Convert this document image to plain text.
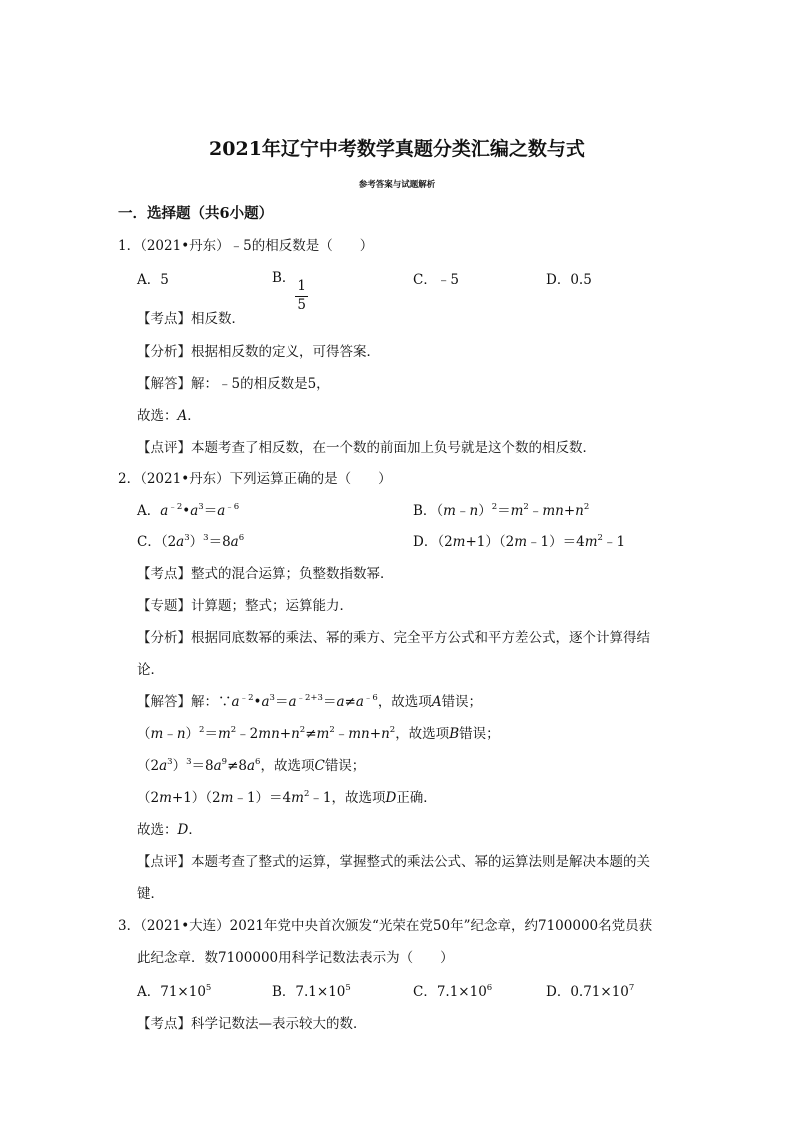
2021年辽宁中考数学真题分类汇编之数与式
参考答案与试题解析
一．选择题（共6小题）
1．（2021•丹东）﹣5的相反数是（　　）
A．5	B．
$\frac{1}{5}$	C．﹣5	D．0.5
【考点】相反数．
【分析】根据相反数的定义，可得答案．
【解答】解：﹣5的相反数是5，
故选：A．
【点评】本题考查了相反数，在一个数的前面加上负号就是这个数的相反数．
2．（2021•丹东）下列运算正确的是（　　）
A．$a^{﹣2}•a^3=a^{﹣6}$	B．$(m﹣n)^2=m^2﹣mn+n^2$
C．$(2a^3)^3=8a^6$	D．$(2m+1)(2m﹣1)=4m^2﹣1$
【考点】整式的混合运算；负整数指数幂．
【专题】计算题；整式；运算能力．
【分析】根据同底数幂的乘法、幂的乘方、完全平方公式和平方差公式，逐个计算得结
论．
【解答】解：$\because a^{﹣2}•a^3=a^{﹣2+3}=a\ne a^{﹣6}$，故选项A错误；
$(m﹣n)^2=m^2﹣2mn+n^2\ne m^2﹣mn+n^2$，故选项B错误；
$(2a^3)^3=8a^9\ne 8a^6$，故选项C错误；
$(2m+1)(2m﹣1)=4m^2﹣1$，故选项D正确．
故选：D．
【点评】本题考查了整式的运算，掌握整式的乘法公式、幂的运算法则是解决本题的关
键．
3．（2021•大连）2021年党中央首次颁发“光荣在党50年”纪念章，约7100000名党员获
此纪念章．数7100000用科学记数法表示为（　　）
A．$71\times 10^5$	B．$7.1\times 10^5$	C．$7.1\times 10^6$	D．$0.71\times 10^7$
【考点】科学记数法—表示较大的数．
